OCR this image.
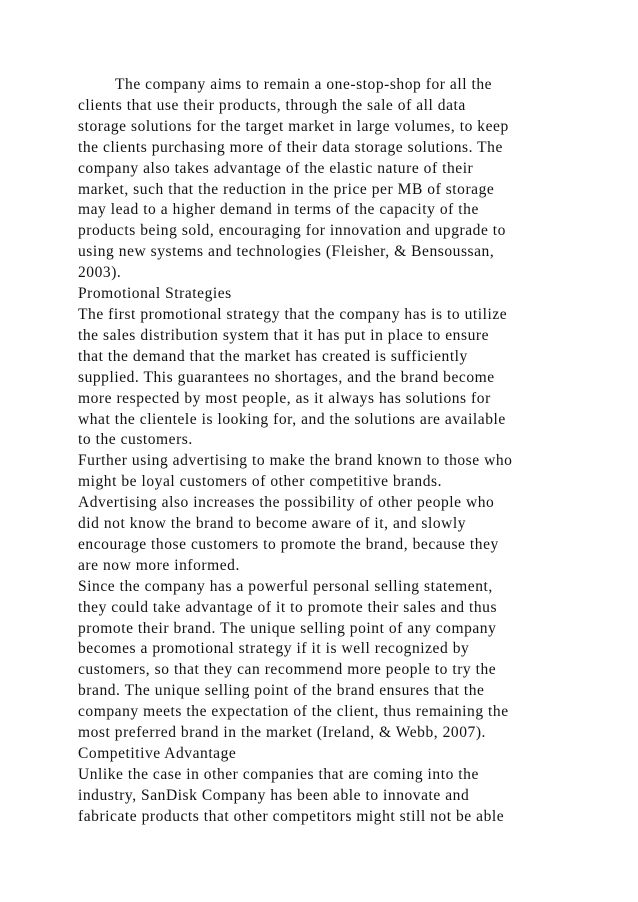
The company aims to remain a one-stop-shop for all the
clients that use their products, through the sale of all data
storage solutions for the target market in large volumes, to keep
the clients purchasing more of their data storage solutions. The
company also takes advantage of the elastic nature of their
market, such that the reduction in the price per MB of storage
may lead to a higher demand in terms of the capacity of the
products being sold, encouraging for innovation and upgrade to
using new systems and technologies (Fleisher, & Bensoussan,
2003).
Promotional Strategies
The first promotional strategy that the company has is to utilize
the sales distribution system that it has put in place to ensure
that the demand that the market has created is sufficiently
supplied. This guarantees no shortages, and the brand become
more respected by most people, as it always has solutions for
what the clientele is looking for, and the solutions are available
to the customers.
Further using advertising to make the brand known to those who
might be loyal customers of other competitive brands.
Advertising also increases the possibility of other people who
did not know the brand to become aware of it, and slowly
encourage those customers to promote the brand, because they
are now more informed.
Since the company has a powerful personal selling statement,
they could take advantage of it to promote their sales and thus
promote their brand. The unique selling point of any company
becomes a promotional strategy if it is well recognized by
customers, so that they can recommend more people to try the
brand. The unique selling point of the brand ensures that the
company meets the expectation of the client, thus remaining the
most preferred brand in the market (Ireland, & Webb, 2007).
Competitive Advantage
Unlike the case in other companies that are coming into the
industry, SanDisk Company has been able to innovate and
fabricate products that other competitors might still not be able
